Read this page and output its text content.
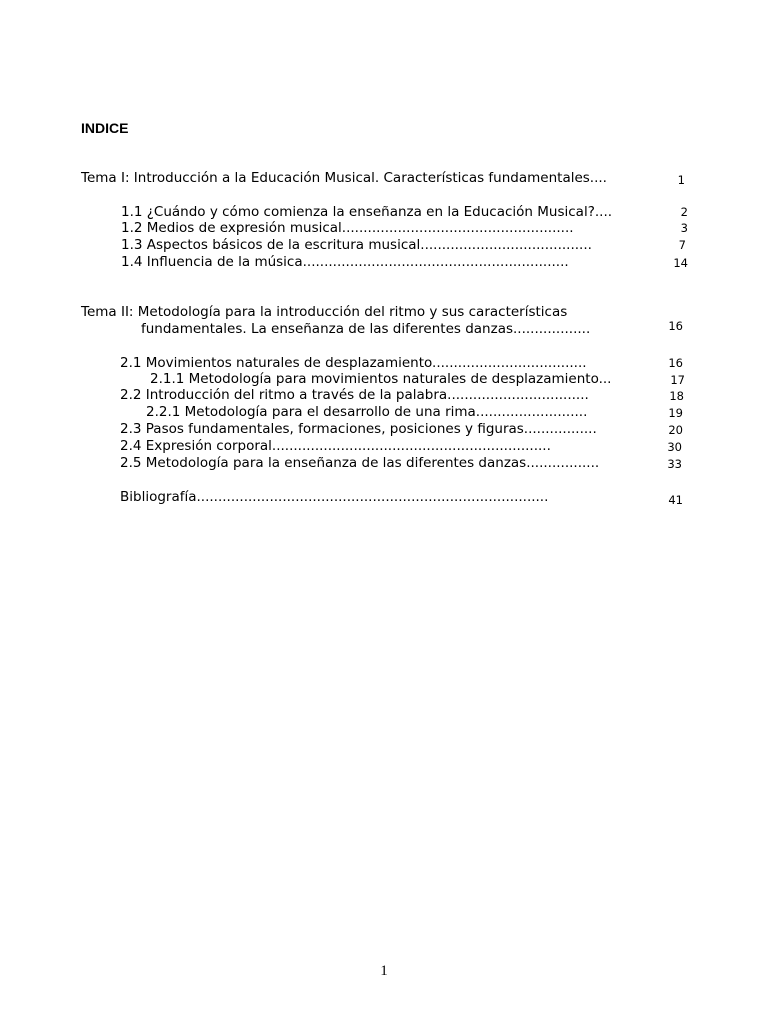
INDICE
Tema I: Introducción a la Educación Musical. Características fundamentales....	1
1.1 ¿Cuándo y cómo comienza la enseñanza en la Educación Musical?....	2
1.2 Medios de expresión musical......................................................	3
1.3 Aspectos básicos de la escritura musical........................................	7
1.4 Influencia de la música..............................................................	14
Tema II: Metodología para la introducción del ritmo y sus características
fundamentales. La enseñanza de las diferentes danzas..................	16
2.1 Movimientos naturales de desplazamiento....................................	16
2.1.1 Metodología para movimientos naturales de desplazamiento...	17
2.2 Introducción del ritmo a través de la palabra.................................	18
2.2.1 Metodología para el desarrollo de una rima..........................	19
2.3 Pasos fundamentales, formaciones, posiciones y figuras.................	20
2.4 Expresión corporal.................................................................	30
2.5 Metodología para la enseñanza de las diferentes danzas.................	33
Bibliografía..................................................................................	41
1
